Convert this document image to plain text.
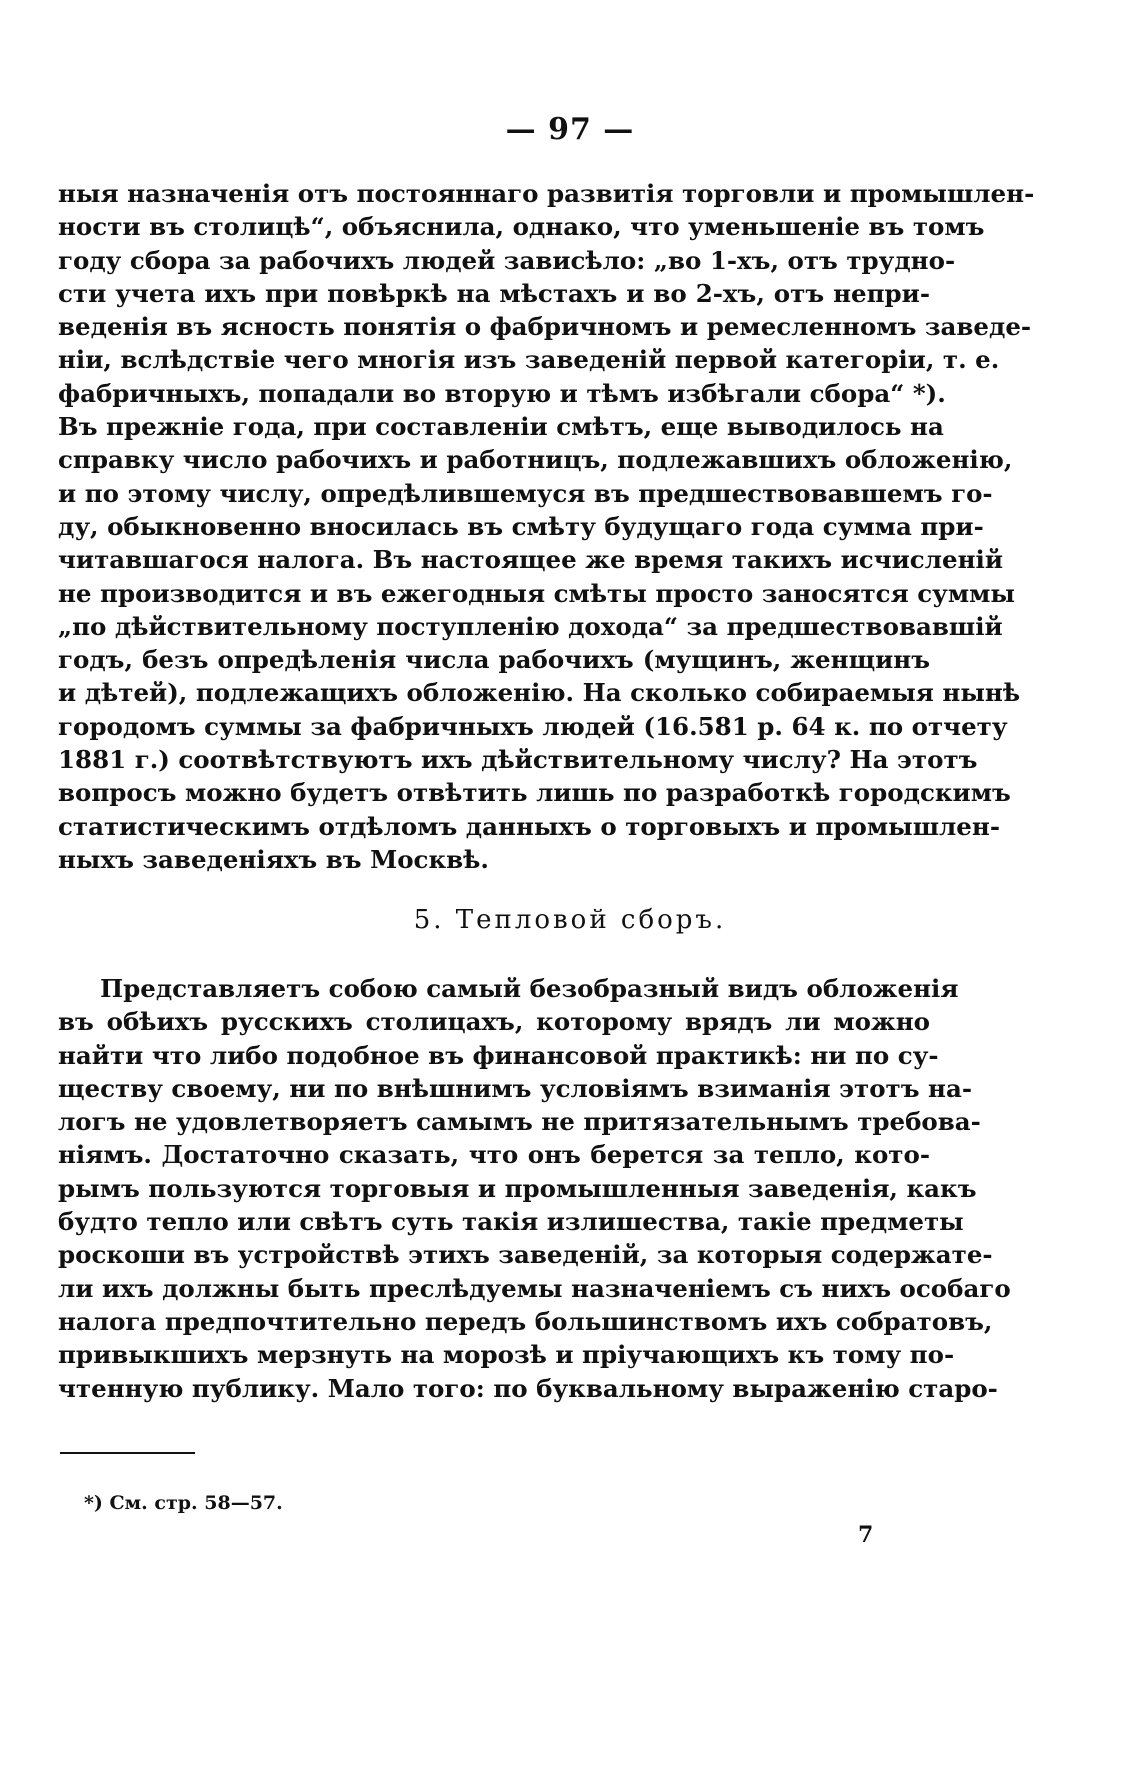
— 97 —
ныя назначенія отъ постояннаго развитія торговли и промышлен-
ности въ столицѣ“, объяснила, однако, что уменьшеніе въ томъ
году сбора за рабочихъ людей зависѣло: „во 1-хъ, отъ трудно-
сти учета ихъ при повѣркѣ на мѣстахъ и во 2-хъ, отъ непри-
веденія въ ясность понятія о фабричномъ и ремесленномъ заведе-
ніи, вслѣдствіе чего многія изъ заведеній первой категоріи, т. е.
фабричныхъ, попадали во вторую и тѣмъ избѣгали сбора“ *).
Въ прежніе года, при составленіи смѣтъ, еще выводилось на
справку число рабочихъ и работницъ, подлежавшихъ обложенію,
и по этому числу, опредѣлившемуся въ предшествовавшемъ го-
ду, обыкновенно вносилась въ смѣту будущаго года сумма при-
читавшагося налога. Въ настоящее же время такихъ исчисленій
не производится и въ ежегодныя смѣты просто заносятся суммы
„по дѣйствительному поступленію дохода“ за предшествовавшій
годъ, безъ опредѣленія числа рабочихъ (мущинъ, женщинъ
и дѣтей), подлежащихъ обложенію. На сколько собираемыя нынѣ
городомъ суммы за фабричныхъ людей (16.581 р. 64 к. по отчету
1881 г.) соотвѣтствуютъ ихъ дѣйствительному числу? На этотъ
вопросъ можно будетъ отвѣтить лишь по разработкѣ городскимъ
статистическимъ отдѣломъ данныхъ о торговыхъ и промышлен-
ныхъ заведеніяхъ въ Москвѣ.
5. Тепловой сборъ.
Представляетъ собою самый безобразный видъ обложенія
въ обѣихъ русскихъ столицахъ, которому врядъ ли можно
найти что либо подобное въ финансовой практикѣ: ни по су-
ществу своему, ни по внѣшнимъ условіямъ взиманія этотъ на-
логъ не удовлетворяетъ самымъ не притязательнымъ требова-
ніямъ. Достаточно сказать, что онъ берется за тепло, кото-
рымъ пользуются торговыя и промышленныя заведенія, какъ
будто тепло или свѣтъ суть такія излишества, такіе предметы
роскоши въ устройствѣ этихъ заведеній, за которыя содержате-
ли ихъ должны быть преслѣдуемы назначеніемъ съ нихъ особаго
налога предпочтительно передъ большинствомъ ихъ собратовъ,
привыкшихъ мерзнуть на морозѣ и пріучающихъ къ тому по-
чтенную публику. Мало того: по буквальному выраженію старо-
*) См. стр. 58—57.
7
